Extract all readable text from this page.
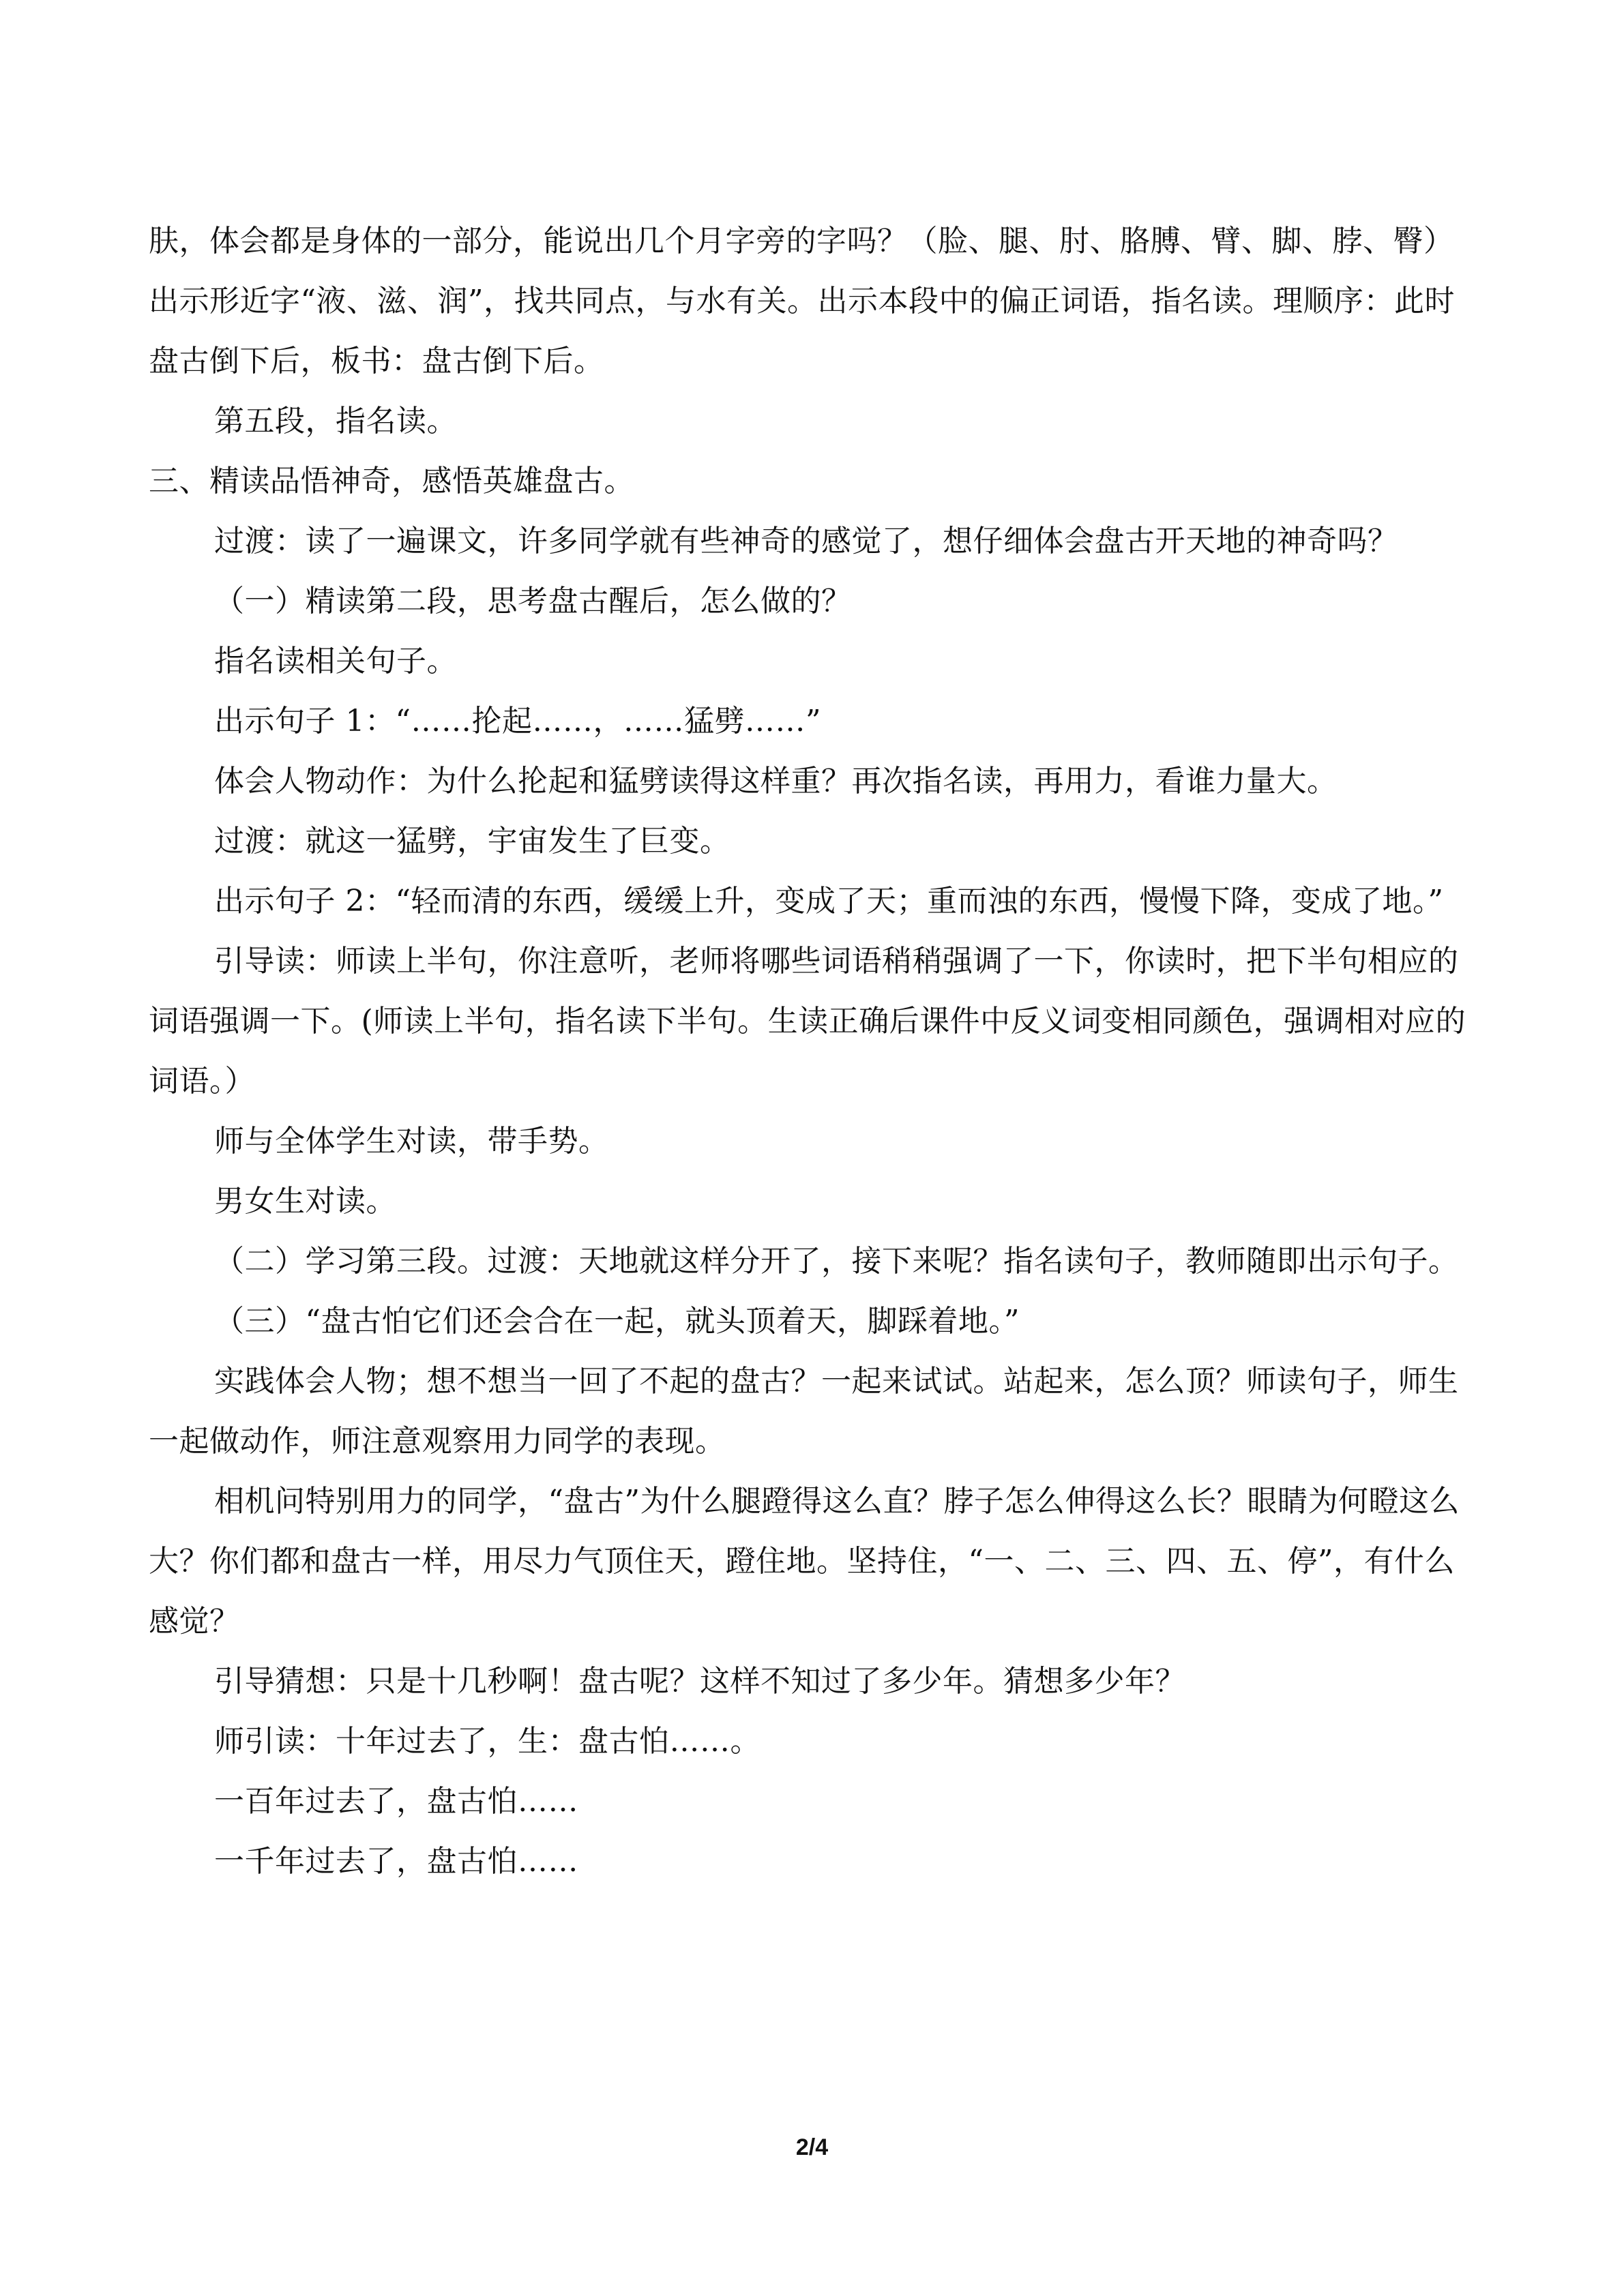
肤，体会都是身体的一部分，能说出几个月字旁的字吗？（脸、腿、肘、胳膊、臂、脚、脖、臀）出示形近字“液、滋、润”，找共同点，与水有关。出示本段中的偏正词语，指名读。理顺序：此时盘古倒下后，板书：盘古倒下后。

第五段，指名读。

三、精读品悟神奇，感悟英雄盘古。

过渡：读了一遍课文，许多同学就有些神奇的感觉了，想仔细体会盘古开天地的神奇吗？

（一）精读第二段，思考盘古醒后，怎么做的？

指名读相关句子。

出示句子 1：“……抡起……，……猛劈……”

体会人物动作：为什么抡起和猛劈读得这样重？再次指名读，再用力，看谁力量大。

过渡：就这一猛劈，宇宙发生了巨变。

出示句子 2：“轻而清的东西，缓缓上升，变成了天；重而浊的东西，慢慢下降，变成了地。”

引导读：师读上半句，你注意听，老师将哪些词语稍稍强调了一下，你读时，把下半句相应的词语强调一下。(师读上半句，指名读下半句。生读正确后课件中反义词变相同颜色，强调相对应的词语。）

师与全体学生对读，带手势。

男女生对读。

（二）学习第三段。过渡：天地就这样分开了，接下来呢？指名读句子，教师随即出示句子。

（三）“盘古怕它们还会合在一起，就头顶着天，脚踩着地。”

实践体会人物；想不想当一回了不起的盘古？一起来试试。站起来，怎么顶？师读句子，师生一起做动作，师注意观察用力同学的表现。

相机问特别用力的同学，“盘古”为什么腿蹬得这么直？脖子怎么伸得这么长？眼睛为何瞪这么大？你们都和盘古一样，用尽力气顶住天，蹬住地。坚持住，“一、二、三、四、五、停”，有什么感觉？

引导猜想：只是十几秒啊！盘古呢？这样不知过了多少年。猜想多少年？

师引读：十年过去了，生：盘古怕……。

一百年过去了，盘古怕……

一千年过去了，盘古怕……

2/4
